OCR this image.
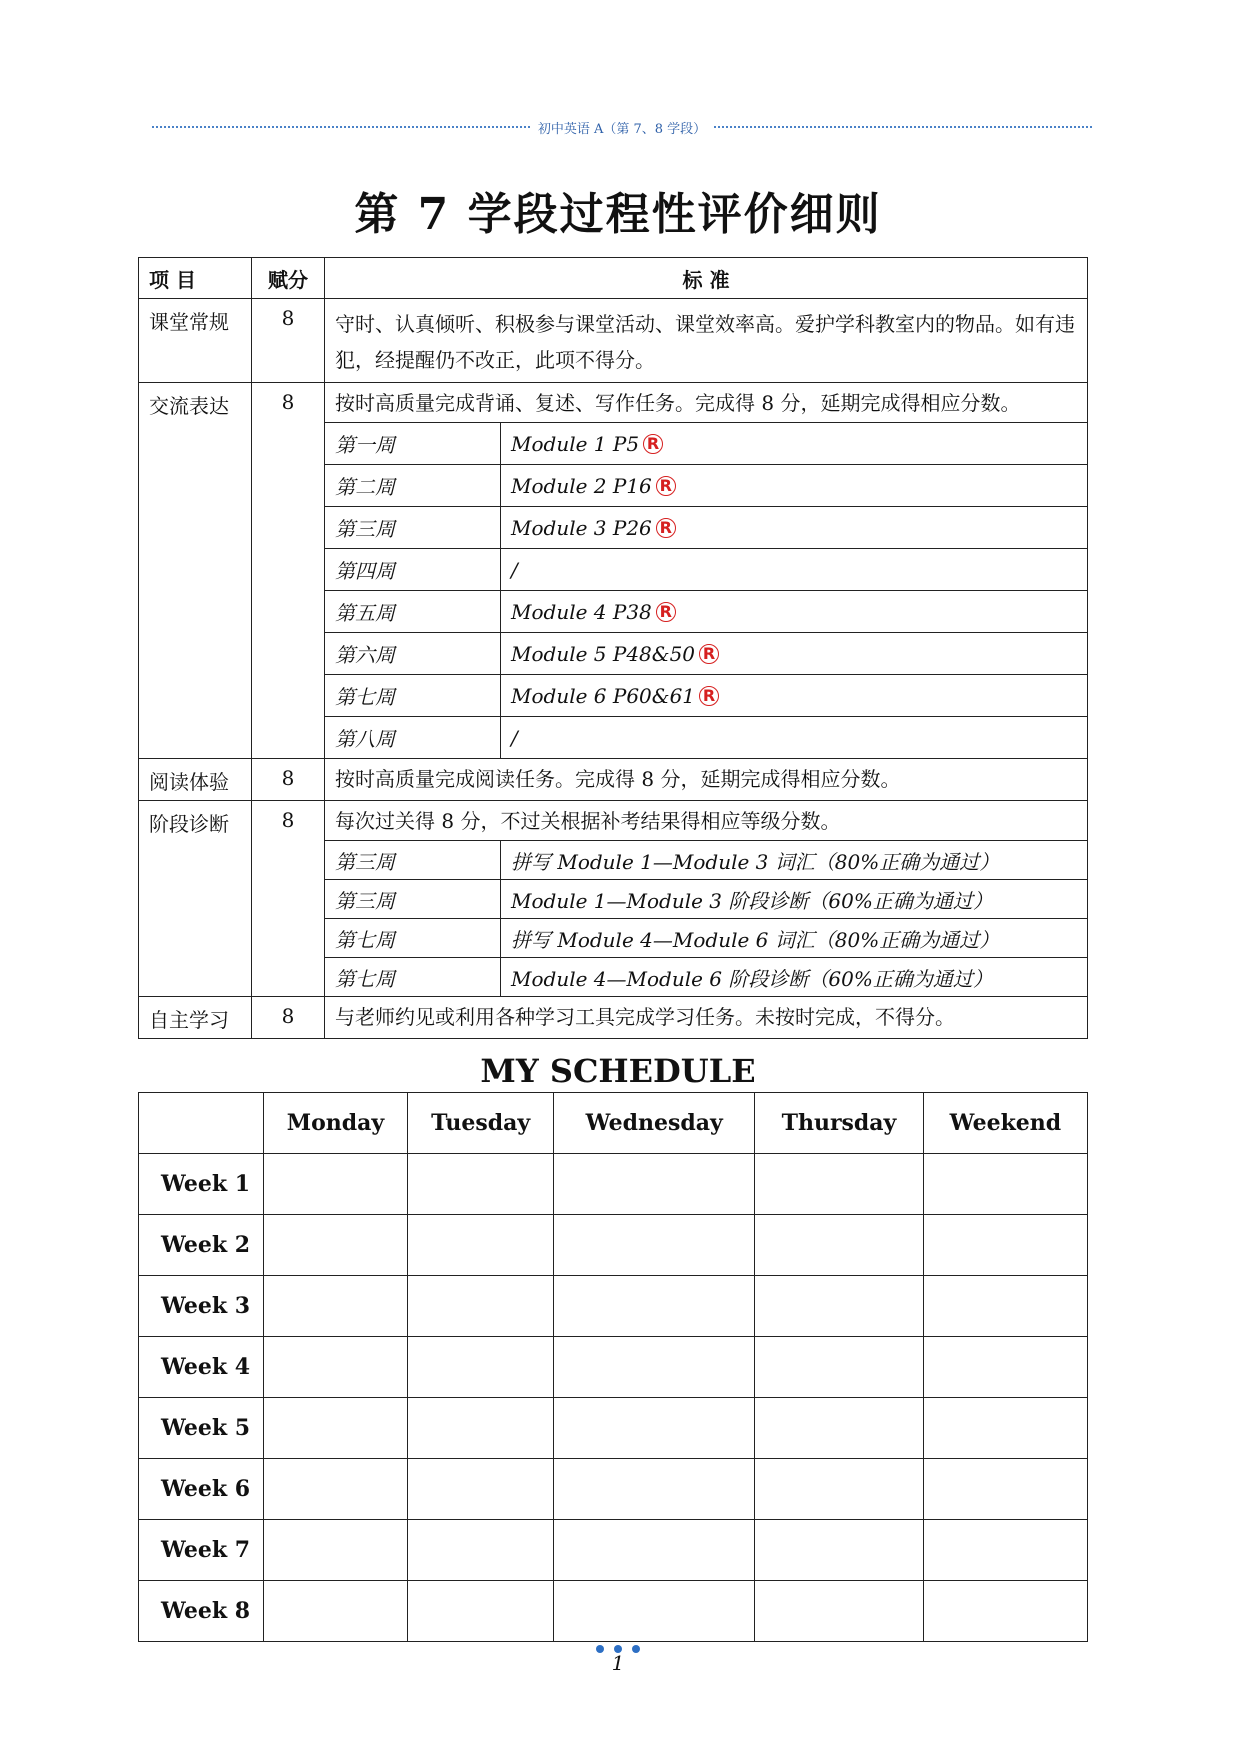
初中英语 A（第 7、8 学段）
第 7 学段过程性评价细则
项 目	赋分	标 准	
课堂常规	8	守时、认真倾听、积极参与课堂活动、课堂效率高。爱护学科教室内的物品。如有违犯，经提醒仍不改正，此项不得分。	
交流表达	8	按时高质量完成背诵、复述、写作任务。完成得 8 分，延期完成得相应分数。	
		第一周	Module 1 P5 R
		第二周	Module 2 P16 R
		第三周	Module 3 P26 R
		第四周	/
		第五周	Module 4 P38 R
		第六周	Module 5 P48&50 R
		第七周	Module 6 P60&61 R
		第八周	/
阅读体验	8	按时高质量完成阅读任务。完成得 8 分，延期完成得相应分数。	
阶段诊断	8	每次过关得 8 分，不过关根据补考结果得相应等级分数。	
		第三周	拼写 Module 1—Module 3 词汇（80%正确为通过）
		第三周	Module 1—Module 3 阶段诊断（60%正确为通过）
		第七周	拼写 Module 4—Module 6 词汇（80%正确为通过）
		第七周	Module 4—Module 6 阶段诊断（60%正确为通过）
自主学习	8	与老师约见或利用各种学习工具完成学习任务。未按时完成，不得分。	
MY SCHEDULE
	Monday	Tuesday	Wednesday	Thursday	Weekend
Week 1					
Week 2					
Week 3					
Week 4					
Week 5					
Week 6					
Week 7					
Week 8					
1
